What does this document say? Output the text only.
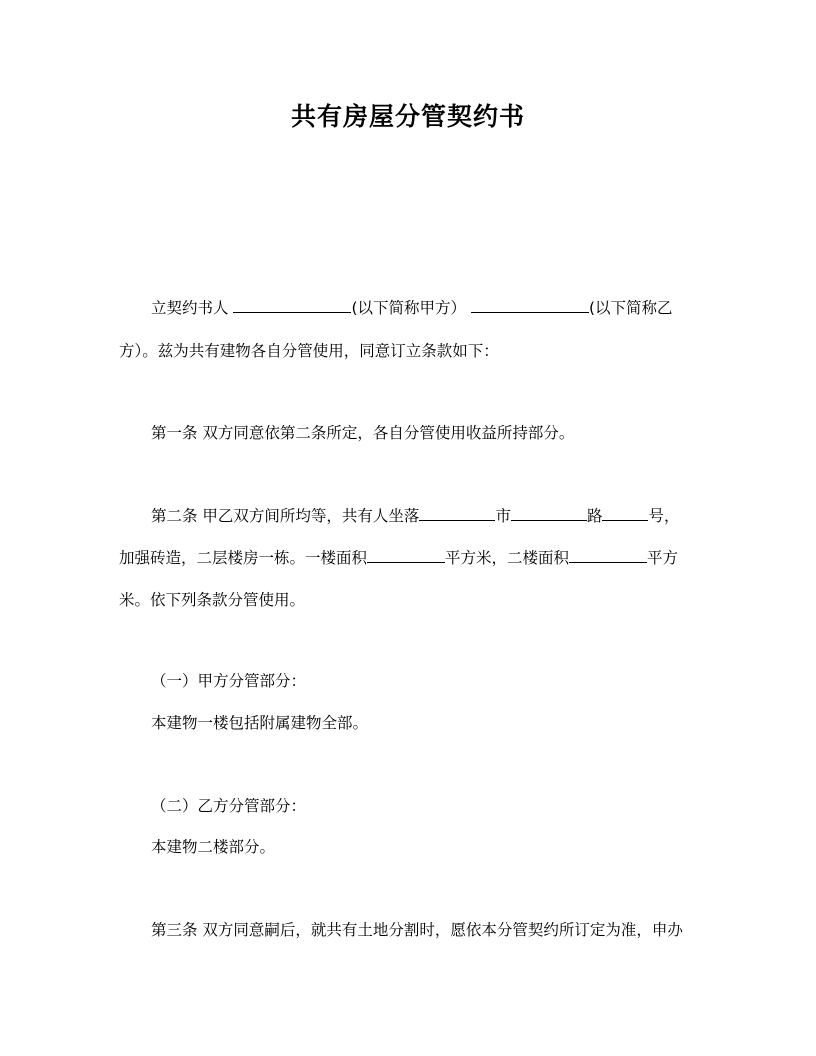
共有房屋分管契约书
立契约书人	(以下简称甲方）	(以下简称乙
方）。兹为共有建物各自分管使用，同意订立条款如下：
第一条 双方同意依第二条所定，各自分管使用收益所持部分。
第二条 甲乙双方间所均等，共有人坐落	市	路	号，
加强砖造，二层楼房一栋。一楼面积	平方米，二楼面积	平方
米。依下列条款分管使用。
（一）甲方分管部分：
本建物一楼包括附属建物全部。
（二）乙方分管部分：
本建物二楼部分。
第三条 双方同意嗣后，就共有土地分割时，愿依本分管契约所订定为准，申办
